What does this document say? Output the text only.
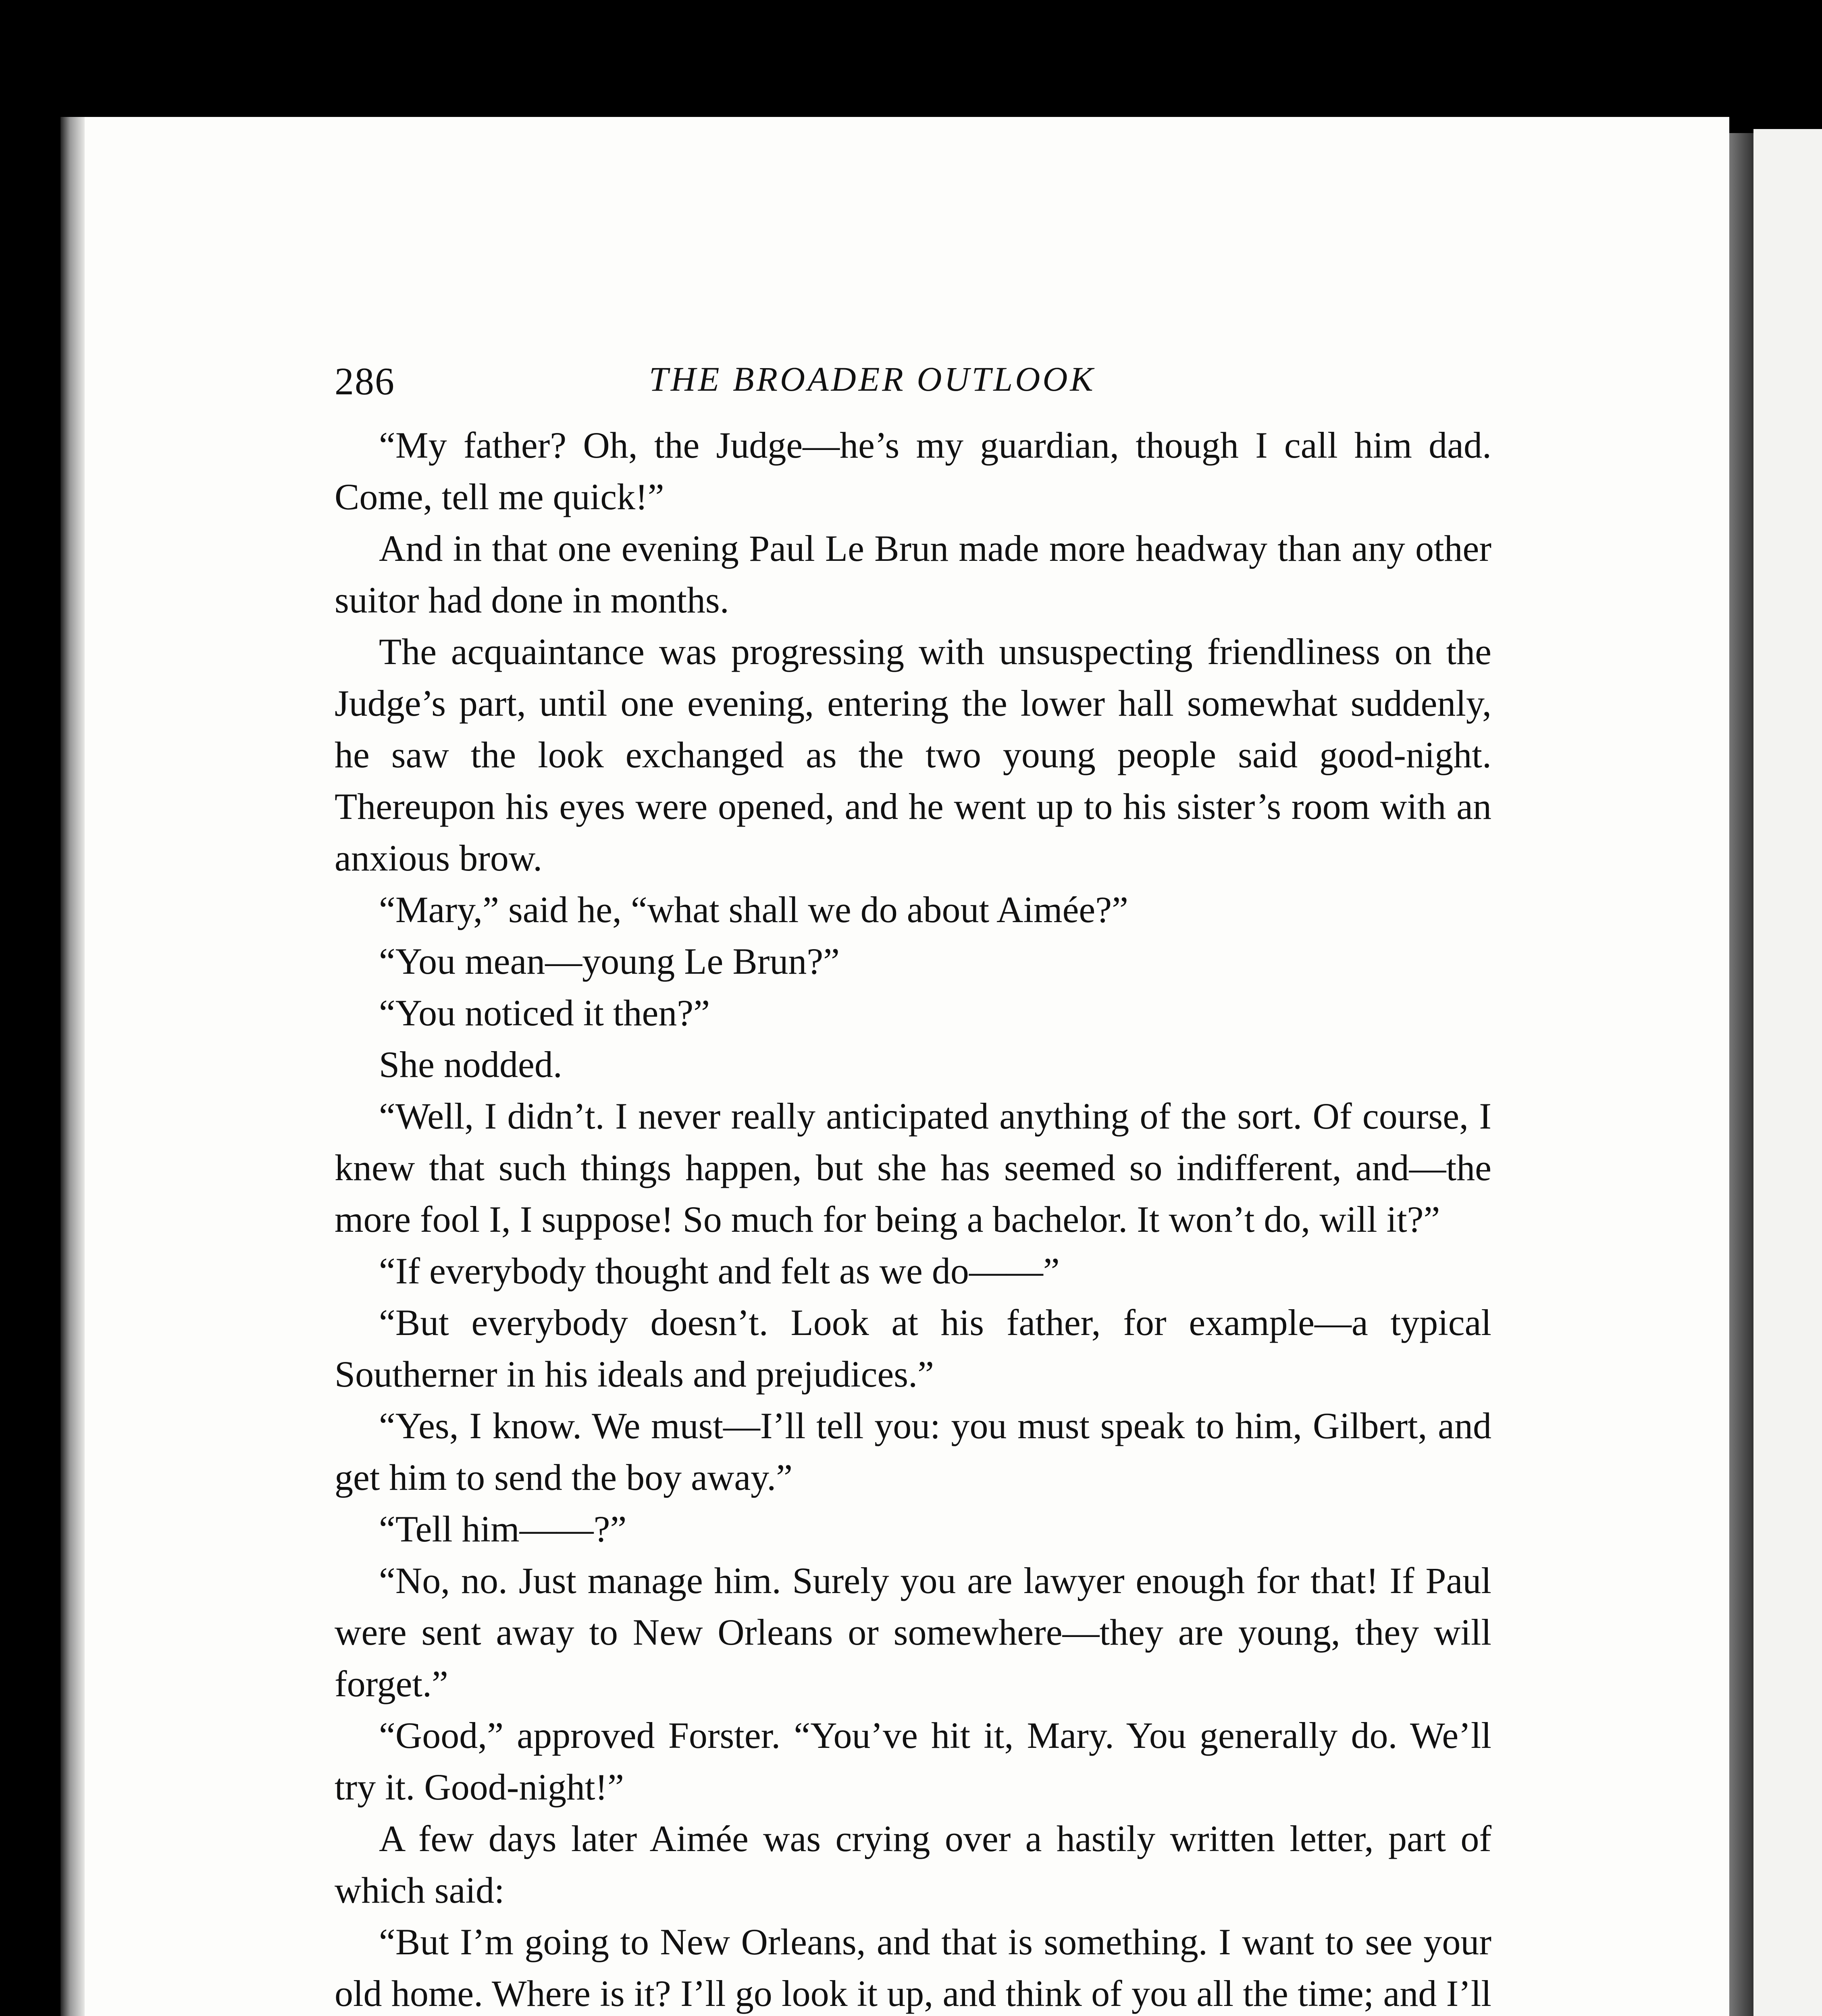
286	THE BROADER OUTLOOK

“My father? Oh, the Judge—he’s my guardian, though I call him dad. Come, tell me quick!”

And in that one evening Paul Le Brun made more headway than any other suitor had done in months.

The acquaintance was progressing with unsuspecting friendliness on the Judge’s part, until one evening, entering the lower hall somewhat suddenly, he saw the look exchanged as the two young people said good-night. Thereupon his eyes were opened, and he went up to his sister’s room with an anxious brow.

“Mary,” said he, “what shall we do about Aimée?”

“You mean—young Le Brun?”

“You noticed it then?”

She nodded.

“Well, I didn’t. I never really anticipated anything of the sort. Of course, I knew that such things happen, but she has seemed so indifferent, and—the more fool I, I suppose! So much for being a bachelor. It won’t do, will it?”

“If everybody thought and felt as we do——”

“But everybody doesn’t. Look at his father, for example—a typical Southerner in his ideals and prejudices.”

“Yes, I know. We must—I’ll tell you: you must speak to him, Gilbert, and get him to send the boy away.”

“Tell him——?”

“No, no. Just manage him. Surely you are lawyer enough for that! If Paul were sent away to New Orleans or somewhere—they are young, they will forget.”

“Good,” approved Forster. “You’ve hit it, Mary. You generally do. We’ll try it. Good-night!”

A few days later Aimée was crying over a hastily written letter, part of which said:

“But I’m going to New Orleans, and that is something. I want to see your old home. Where is it? I’ll go look it up, and think of you all the time; and I’ll
